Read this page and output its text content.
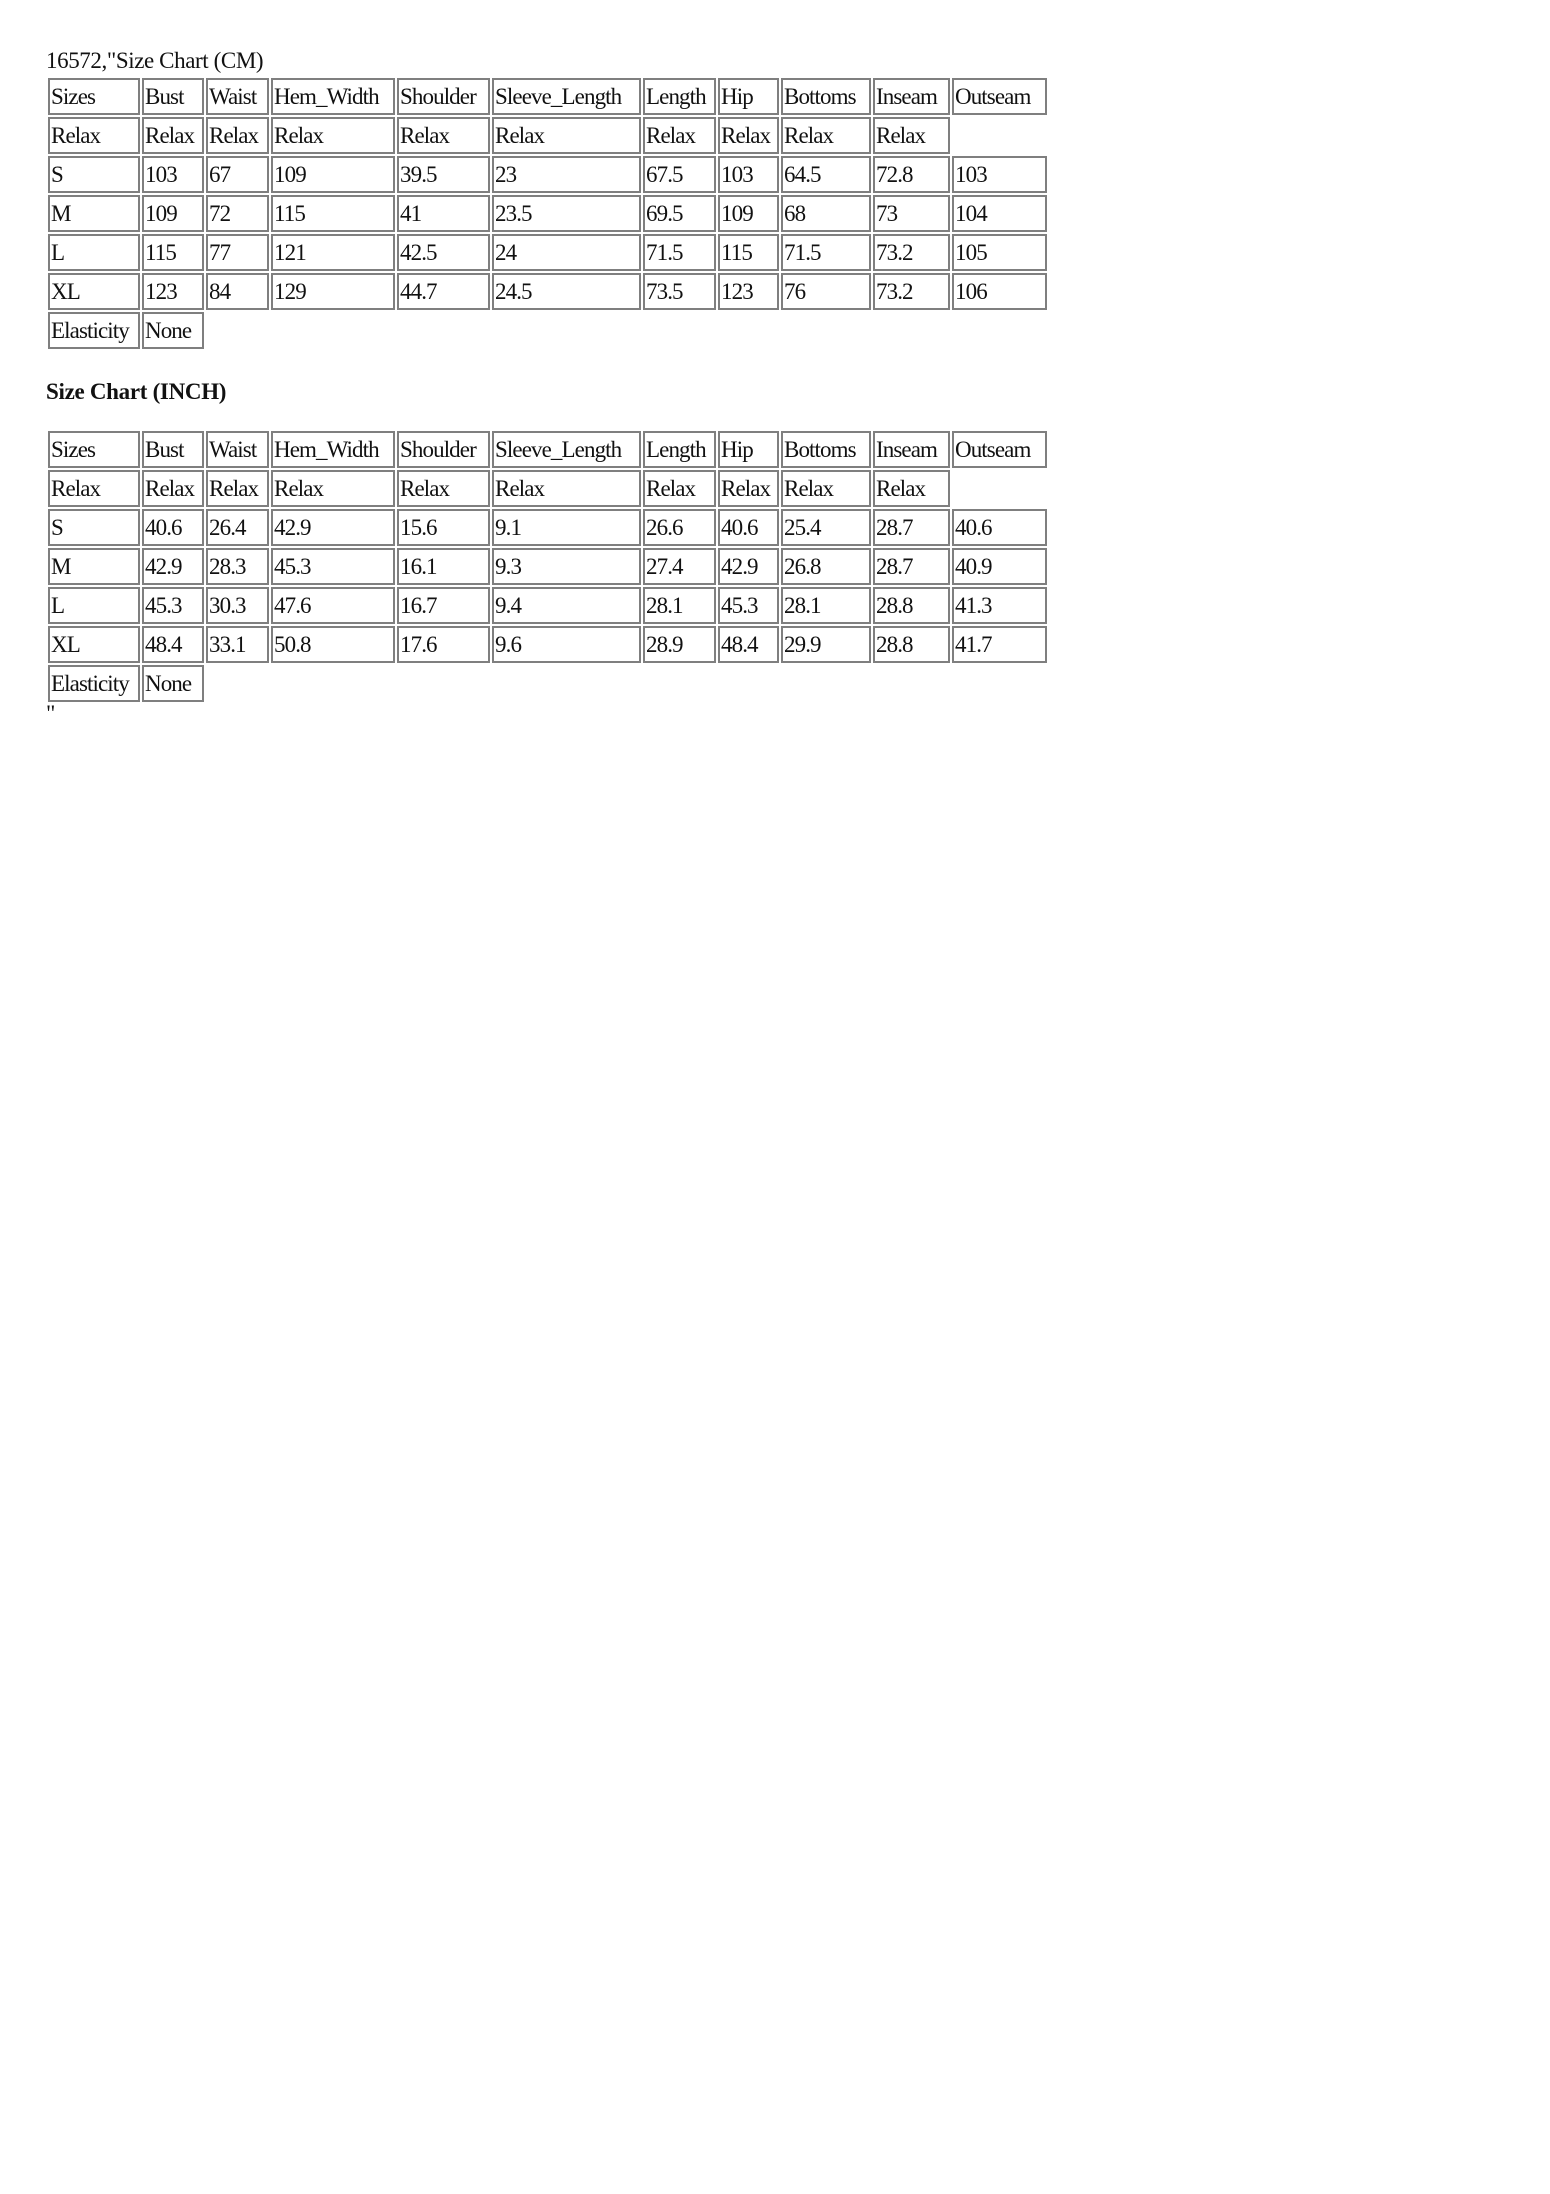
16572,"Size Chart (CM)
Sizes	Bust	Waist	Hem_Width	Shoulder	Sleeve_Length	Length	Hip	Bottoms	Inseam	Outseam
Relax	Relax	Relax	Relax	Relax	Relax	Relax	Relax	Relax	Relax	
S	103	67	109	39.5	23	67.5	103	64.5	72.8	103
M	109	72	115	41	23.5	69.5	109	68	73	104
L	115	77	121	42.5	24	71.5	115	71.5	73.2	105
XL	123	84	129	44.7	24.5	73.5	123	76	73.2	106
Elasticity	None									
Size Chart (INCH)
Sizes	Bust	Waist	Hem_Width	Shoulder	Sleeve_Length	Length	Hip	Bottoms	Inseam	Outseam
Relax	Relax	Relax	Relax	Relax	Relax	Relax	Relax	Relax	Relax	
S	40.6	26.4	42.9	15.6	9.1	26.6	40.6	25.4	28.7	40.6
M	42.9	28.3	45.3	16.1	9.3	27.4	42.9	26.8	28.7	40.9
L	45.3	30.3	47.6	16.7	9.4	28.1	45.3	28.1	28.8	41.3
XL	48.4	33.1	50.8	17.6	9.6	28.9	48.4	29.9	28.8	41.7
Elasticity	None									
"
